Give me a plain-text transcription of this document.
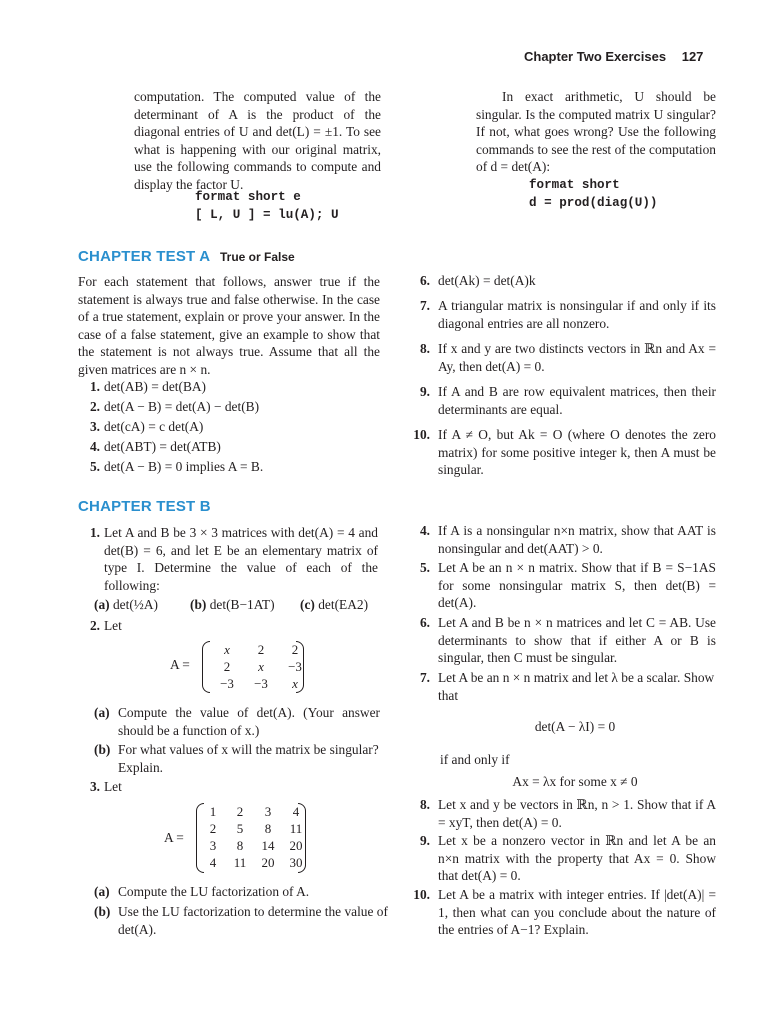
Chapter Two Exercises 127
computation. The computed value of the determinant of A is the product of the diagonal entries of U and det(L) = ±1. To see what is happening with our original matrix, use the following commands to compute and display the factor U.
format short e
[ L, U ] = lu(A); U
In exact arithmetic, U should be singular. Is the computed matrix U singular? If not, what goes wrong? Use the following commands to see the rest of the computation of d = det(A):
format short
d = prod(diag(U))
CHAPTER TEST A True or False
For each statement that follows, answer true if the statement is always true and false otherwise. In the case of a true statement, explain or prove your answer. In the case of a false statement, give an example to show that the statement is not always true. Assume that all the given matrices are n × n.
1. det(AB) = det(BA)
2. det(A − B) = det(A) − det(B)
3. det(cA) = c det(A)
4. det(ABT) = det(ATB)
5. det(A − B) = 0 implies A = B.
6. det(Ak) = det(A)k
7. A triangular matrix is nonsingular if and only if its diagonal entries are all nonzero.
8. If x and y are two distincts vectors in ℝn and Ax = Ay, then det(A) = 0.
9. If A and B are row equivalent matrices, then their determinants are equal.
10. If A ≠ O, but Ak = O (where O denotes the zero matrix) for some positive integer k, then A must be singular.
CHAPTER TEST B
1. Let A and B be 3 × 3 matrices with det(A) = 4 and det(B) = 6, and let E be an elementary matrix of type I. Determine the value of each of the following:
(a) det(½A) (b) det(B−1AT) (c) det(EA2)
2. Let
A =
x	2	2
2	x	−3
−3	−3	x
(a) Compute the value of det(A). (Your answer should be a function of x.)
(b) For what values of x will the matrix be singular? Explain.
3. Let
A =
1	2	3	4
2	5	8	11
3	8	14	20
4	11	20	30
(a) Compute the LU factorization of A.
(b) Use the LU factorization to determine the value of det(A).
4. If A is a nonsingular n×n matrix, show that AAT is nonsingular and det(AAT) > 0.
5. Let A be an n × n matrix. Show that if B = S−1AS for some nonsingular matrix S, then det(B) = det(A).
6. Let A and B be n × n matrices and let C = AB. Use determinants to show that if either A or B is singular, then C must be singular.
7. Let A be an n × n matrix and let λ be a scalar. Show that
det(A − λI) = 0
if and only if
Ax = λx for some x ≠ 0
8. Let x and y be vectors in ℝn, n > 1. Show that if A = xyT, then det(A) = 0.
9. Let x be a nonzero vector in ℝn and let A be an n×n matrix with the property that Ax = 0. Show that det(A) = 0.
10. Let A be a matrix with integer entries. If |det(A)| = 1, then what can you conclude about the nature of the entries of A−1? Explain.
